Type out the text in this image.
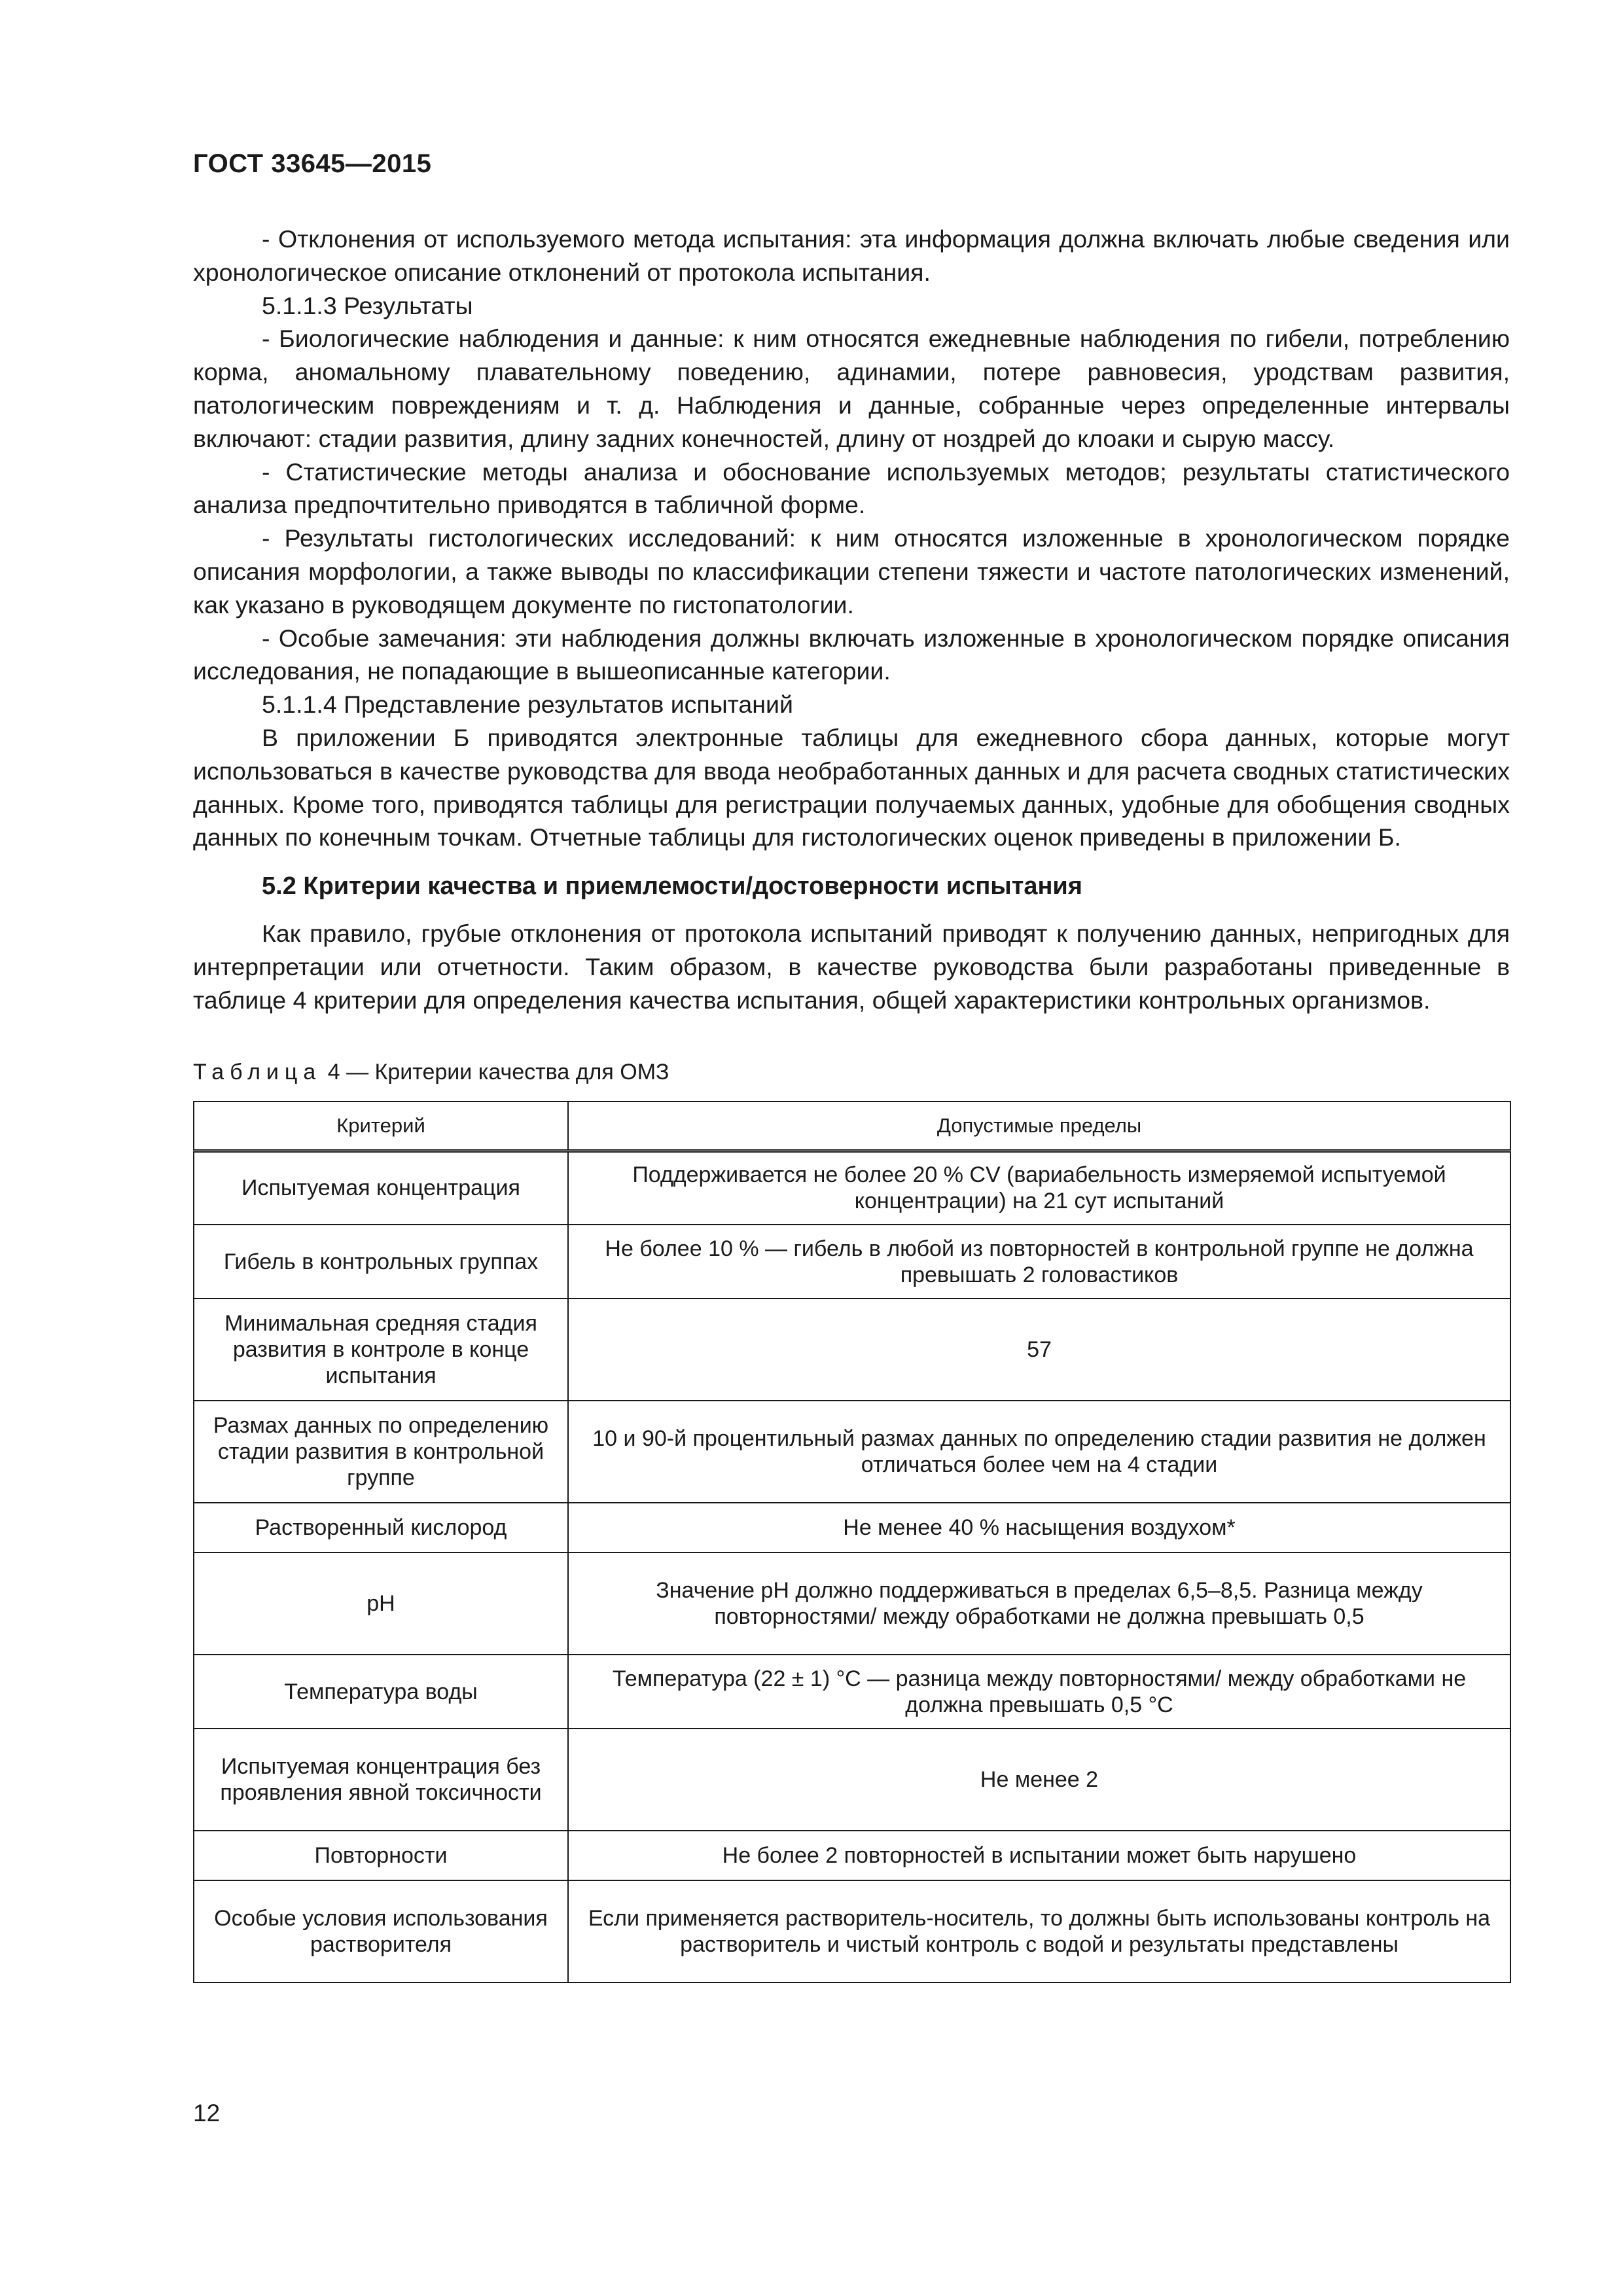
ГОСТ 33645—2015

- Отклонения от используемого метода испытания: эта информация должна включать любые сведения или хронологическое описание отклонений от протокола испытания.

5.1.1.3 Результаты

- Биологические наблюдения и данные: к ним относятся ежедневные наблюдения по гибели, потреблению корма, аномальному плавательному поведению, адинамии, потере равновесия, уродствам развития, патологическим повреждениям и т. д. Наблюдения и данные, собранные через определенные интервалы включают: стадии развития, длину задних конечностей, длину от ноздрей до клоаки и сырую массу.

- Статистические методы анализа и обоснование используемых методов; результаты статистического анализа предпочтительно приводятся в табличной форме.

- Результаты гистологических исследований: к ним относятся изложенные в хронологическом порядке описания морфологии, а также выводы по классификации степени тяжести и частоте патологических изменений, как указано в руководящем документе по гистопатологии.

- Особые замечания: эти наблюдения должны включать изложенные в хронологическом порядке описания исследования, не попадающие в вышеописанные категории.

5.1.1.4 Представление результатов испытаний

В приложении Б приводятся электронные таблицы для ежедневного сбора данных, которые могут использоваться в качестве руководства для ввода необработанных данных и для расчета сводных статистических данных. Кроме того, приводятся таблицы для регистрации получаемых данных, удобные для обобщения сводных данных по конечным точкам. Отчетные таблицы для гистологических оценок приведены в приложении Б.

5.2 Критерии качества и приемлемости/достоверности испытания

Как правило, грубые отклонения от протокола испытаний приводят к получению данных, непригодных для интерпретации или отчетности. Таким образом, в качестве руководства были разработаны приведенные в таблице 4 критерии для определения качества испытания, общей характеристики контрольных организмов.

Таблица 4 — Критерии качества для ОМЗ
Критерий	Допустимые пределы
Испытуемая концентрация	Поддерживается не более 20 % CV (вариабельность измеряемой испытуемой концентрации) на 21 сут испытаний
Гибель в контрольных группах	Не более 10 % — гибель в любой из повторностей в контрольной группе не должна превышать 2 головастиков
Минимальная средняя стадия развития в контроле в конце испытания	57
Размах данных по определению стадии развития в контрольной группе	10 и 90-й процентильный размах данных по определению стадии развития не должен отличаться более чем на 4 стадии
Растворенный кислород	Не менее 40 % насыщения воздухом*
pH	Значение pH должно поддерживаться в пределах 6,5–8,5. Разница между повторностями/ между обработками не должна превышать 0,5
Температура воды	Температура (22 ± 1) °С — разница между повторностями/ между обработками не должна превышать 0,5 °С
Испытуемая концентрация без проявления явной токсичности	Не менее 2
Повторности	Не более 2 повторностей в испытании может быть нарушено
Особые условия использования растворителя	Если применяется растворитель-носитель, то должны быть использованы контроль на растворитель и чистый контроль с водой и результаты представлены
12
